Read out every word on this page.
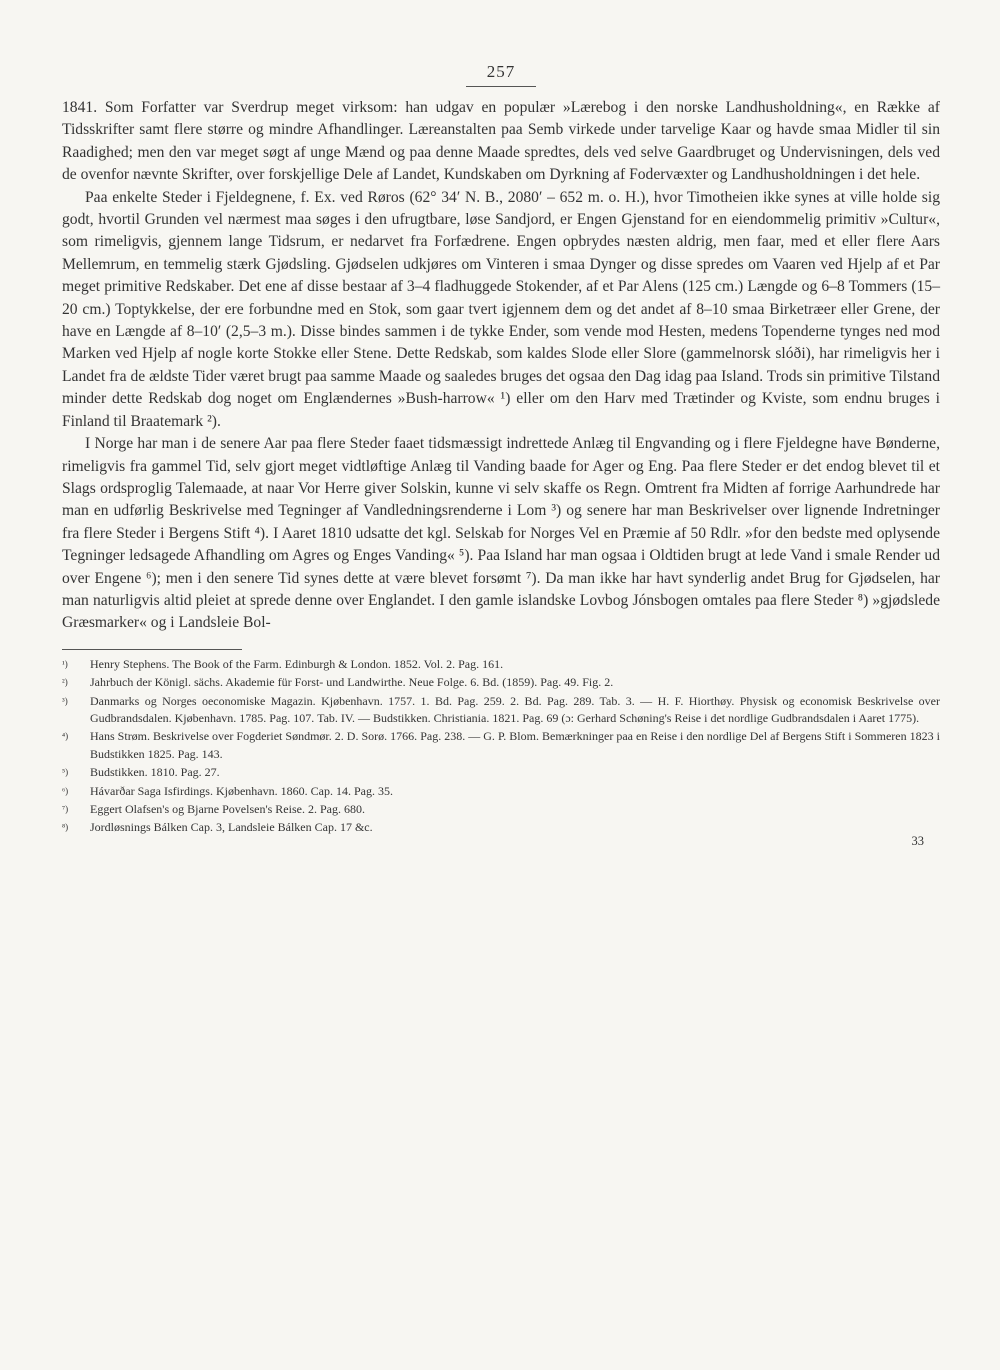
257

1841. Som Forfatter var Sverdrup meget virksom: han udgav en populær »Lærebog i den norske Landhusholdning«, en Række af Tidsskrifter samt flere større og mindre Afhandlinger. Læreanstalten paa Semb virkede under tarvelige Kaar og havde smaa Midler til sin Raadighed; men den var meget søgt af unge Mænd og paa denne Maade spredtes, dels ved selve Gaardbruget og Undervisningen, dels ved de ovenfor nævnte Skrifter, over forskjellige Dele af Landet, Kundskaben om Dyrkning af Fodervæxter og Landhusholdningen i det hele.

Paa enkelte Steder i Fjeldegnene, f. Ex. ved Røros (62° 34′ N. B., 2080′ – 652 m. o. H.), hvor Timotheien ikke synes at ville holde sig godt, hvortil Grunden vel nærmest maa søges i den ufrugtbare, løse Sandjord, er Engen Gjenstand for en eiendommelig primitiv »Cultur«, som rimeligvis, gjennem lange Tidsrum, er nedarvet fra Forfædrene. Engen opbrydes næsten aldrig, men faar, med et eller flere Aars Mellemrum, en temmelig stærk Gjødsling. Gjødselen udkjøres om Vinteren i smaa Dynger og disse spredes om Vaaren ved Hjelp af et Par meget primitive Redskaber. Det ene af disse bestaar af 3–4 fladhuggede Stokender, af et Par Alens (125 cm.) Længde og 6–8 Tommers (15–20 cm.) Toptykkelse, der ere forbundne med en Stok, som gaar tvert igjennem dem og det andet af 8–10 smaa Birketræer eller Grene, der have en Længde af 8–10′ (2,5–3 m.). Disse bindes sammen i de tykke Ender, som vende mod Hesten, medens Topenderne tynges ned mod Marken ved Hjelp af nogle korte Stokke eller Stene. Dette Redskab, som kaldes Slode eller Slore (gammelnorsk slóði), har rimeligvis her i Landet fra de ældste Tider været brugt paa samme Maade og saaledes bruges det ogsaa den Dag idag paa Island. Trods sin primitive Tilstand minder dette Redskab dog noget om Englændernes »Bush-harrow« ¹) eller om den Harv med Trætinder og Kviste, som endnu bruges i Finland til Braatemark ²).

I Norge har man i de senere Aar paa flere Steder faaet tidsmæssigt indrettede Anlæg til Engvanding og i flere Fjeldegne have Bønderne, rimeligvis fra gammel Tid, selv gjort meget vidtløftige Anlæg til Vanding baade for Ager og Eng. Paa flere Steder er det endog blevet til et Slags ordsproglig Talemaade, at naar Vor Herre giver Solskin, kunne vi selv skaffe os Regn. Omtrent fra Midten af forrige Aarhundrede har man en udførlig Beskrivelse med Tegninger af Vandledningsrenderne i Lom ³) og senere har man Beskrivelser over lignende Indretninger fra flere Steder i Bergens Stift ⁴). I Aaret 1810 udsatte det kgl. Selskab for Norges Vel en Præmie af 50 Rdlr. »for den bedste med oplysende Tegninger ledsagede Afhandling om Agres og Enges Vanding« ⁵). Paa Island har man ogsaa i Oldtiden brugt at lede Vand i smale Render ud over Engene ⁶); men i den senere Tid synes dette at være blevet forsømt ⁷). Da man ikke har havt synderlig andet Brug for Gjødselen, har man naturligvis altid pleiet at sprede denne over Englandet. I den gamle islandske Lovbog Jónsbogen omtales paa flere Steder ⁸) »gjødslede Græsmarker« og i Landsleie Bol-

¹)	Henry Stephens. The Book of the Farm. Edinburgh & London. 1852. Vol. 2. Pag. 161.
²)	Jahrbuch der Königl. sächs. Akademie für Forst- und Landwirthe. Neue Folge. 6. Bd. (1859). Pag. 49. Fig. 2.
³)	Danmarks og Norges oeconomiske Magazin. Kjøbenhavn. 1757. 1. Bd. Pag. 259. 2. Bd. Pag. 289. Tab. 3. — H. F. Hiorthøy. Physisk og economisk Beskrivelse over Gudbrandsdalen. Kjøbenhavn. 1785. Pag. 107. Tab. IV. — Budstikken. Christiania. 1821. Pag. 69 (ɔ: Gerhard Schøning's Reise i det nordlige Gudbrandsdalen i Aaret 1775).
⁴)	Hans Strøm. Beskrivelse over Fogderiet Søndmør. 2. D. Sorø. 1766. Pag. 238. — G. P. Blom. Bemærkninger paa en Reise i den nordlige Del af Bergens Stift i Sommeren 1823 i Budstikken 1825. Pag. 143.
⁵)	Budstikken. 1810. Pag. 27.
⁶)	Hávarðar Saga Isfirdings. Kjøbenhavn. 1860. Cap. 14. Pag. 35.
⁷)	Eggert Olafsen's og Bjarne Povelsen's Reise. 2. Pag. 680.
⁸)	Jordløsnings Bálken Cap. 3, Landsleie Bálken Cap. 17 &c.
33
